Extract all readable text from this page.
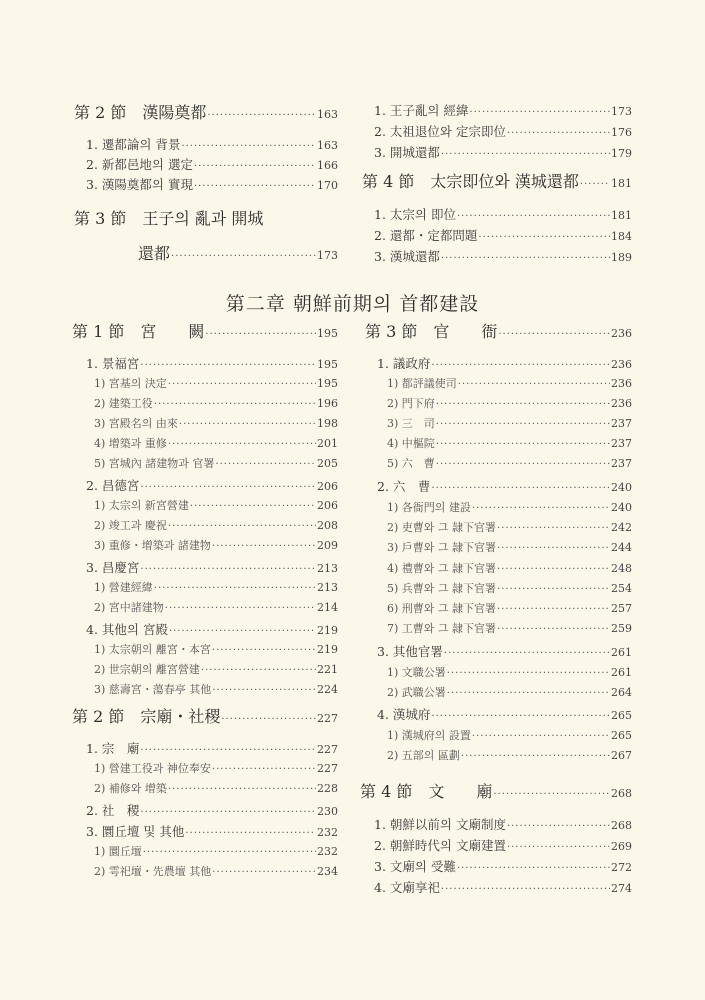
第二章 朝鮮前期의 首都建設
第 2 節　漢陽奠都 ·····	163
1. 遷都論의 背景 ·····	163
2. 新都邑地의 選定 ·····	166
3. 漢陽奠都의 實現 ·····	170
第 3 節　王子의 亂과 開城
還都 ·····	173
1. 王子亂의 經緯 ·····	173
2. 太祖退位와 定宗即位 ·····	176
3. 開城還都 ·····	179
第 4 節　太宗即位와 漢城還都 ·····	181
1. 太宗의 即位 ·····	181
2. 還都・定都問題 ·····	184
3. 漢城還都 ·····	189
第 1 節　宮　　闕 ·····	195
1. 景福宮 ·····	195
1) 宮基의 決定 ·····	195
2) 建築工役 ·····	196
3) 宮殿名의 由來 ·····	198
4) 增築과 重修 ·····	201
5) 宮城內 諸建物과 官署 ·····	205
2. 昌德宮 ·····	206
1) 太宗의 新宮營建 ·····	206
2) 竣工과 慶祝 ·····	208
3) 重修・增築과 諸建物 ·····	209
3. 昌慶宮 ·····	213
1) 營建經緯 ·····	213
2) 宮中諸建物 ·····	214
4. 其他의 宮殿 ·····	219
1) 太宗朝의 離宮・本宮 ·····	219
2) 世宗朝의 離宮營建 ·····	221
3) 慈壽宮・蕩春亭 其他 ·····	224
第 2 節　宗廟・社稷 ·····	227
1. 宗　廟 ·····	227
1) 營建工役과 神位奉安 ·····	227
2) 補修와 增築 ·····	228
2. 社　稷 ·····	230
3. 圜丘壇 및 其他 ·····	232
1) 圜丘壇 ·····	232
2) 雩祀壇・先農壇 其他 ·····	234
第 3 節　官　　衙 ·····	236
1. 議政府 ·····	236
1) 都評議使司 ·····	236
2) 門下府 ·····	236
3) 三　司 ·····	237
4) 中樞院 ·····	237
5) 六　曹 ·····	237
2. 六　曹 ·····	240
1) 各衙門의 建設 ·····	240
2) 吏曹와 그 隷下官署 ·····	242
3) 戶曹와 그 隷下官署 ·····	244
4) 禮曹와 그 隷下官署 ·····	248
5) 兵曹와 그 隷下官署 ·····	254
6) 刑曹와 그 隷下官署 ·····	257
7) 工曹와 그 隷下官署 ·····	259
3. 其他官署 ·····	261
1) 文職公署 ·····	261
2) 武職公署 ·····	264
4. 漢城府 ·····	265
1) 漢城府의 設置 ·····	265
2) 五部의 區劃 ·····	267
第 4 節　文　　廟 ·····	268
1. 朝鮮以前의 文廟制度 ·····	268
2. 朝鮮時代의 文廟建置 ·····	269
3. 文廟의 受難 ·····	272
4. 文廟享祀 ·····	274
